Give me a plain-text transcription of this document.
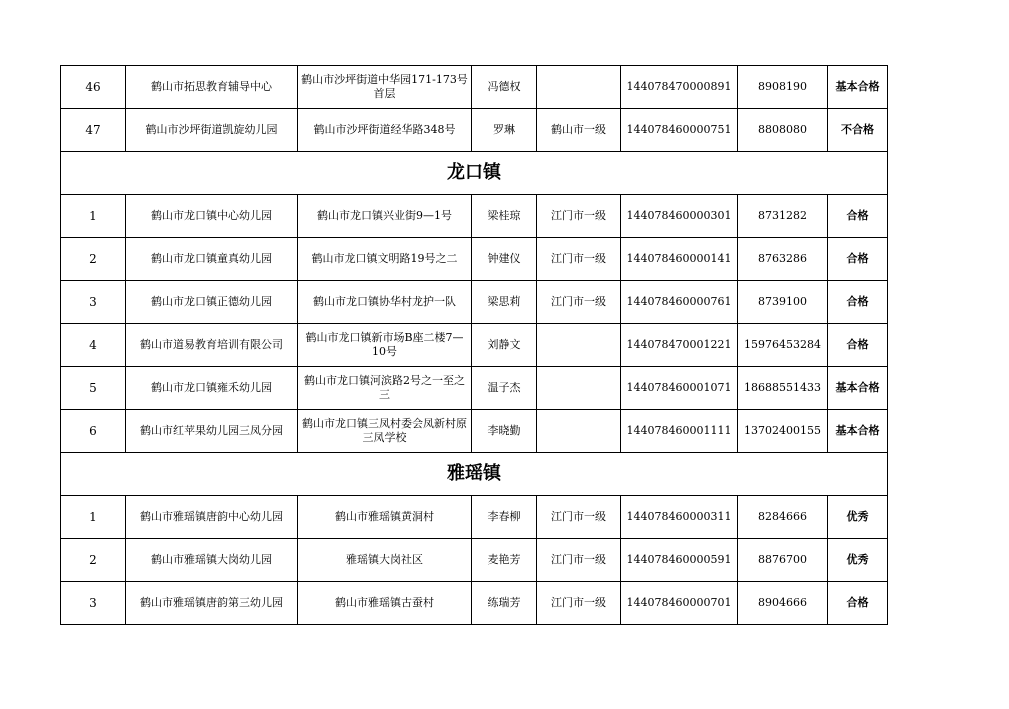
46	鹤山市拓思教育辅导中心	鹤山市沙坪街道中华园171-173号首层	冯德权		144078470000891	8908190	基本合格
47	鹤山市沙坪街道凯旋幼儿园	鹤山市沙坪街道经华路348号	罗琳	鹤山市一级	144078460000751	8808080	不合格
龙口镇							
1	鹤山市龙口镇中心幼儿园	鹤山市龙口镇兴业街9—1号	梁桂琼	江门市一级	144078460000301	8731282	合格
2	鹤山市龙口镇童真幼儿园	鹤山市龙口镇文明路19号之二	钟建仪	江门市一级	144078460000141	8763286	合格
3	鹤山市龙口镇正德幼儿园	鹤山市龙口镇协华村龙护一队	梁思莉	江门市一级	144078460000761	8739100	合格
4	鹤山市道易教育培训有限公司	鹤山市龙口镇新市场B座二楼7—10号	刘静文		144078470001221	15976453284	合格
5	鹤山市龙口镇雍禾幼儿园	鹤山市龙口镇河滨路2号之一至之三	温子杰		144078460001071	18688551433	基本合格
6	鹤山市红苹果幼儿园三凤分园	鹤山市龙口镇三凤村委会凤新村原三凤学校	李晓勤		144078460001111	13702400155	基本合格
雅瑶镇							
1	鹤山市雅瑶镇唐韵中心幼儿园	鹤山市雅瑶镇黄洞村	李春柳	江门市一级	144078460000311	8284666	优秀
2	鹤山市雅瑶镇大岗幼儿园	雅瑶镇大岗社区	麦艳芳	江门市一级	144078460000591	8876700	优秀
3	鹤山市雅瑶镇唐韵第三幼儿园	鹤山市雅瑶镇古蚕村	练瑞芳	江门市一级	144078460000701	8904666	合格
